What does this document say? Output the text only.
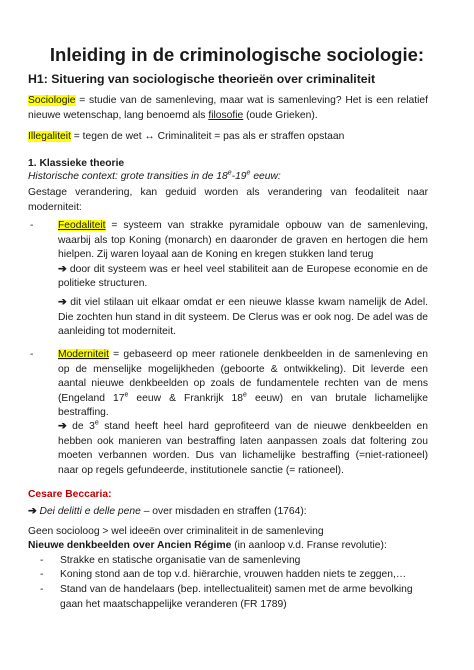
Inleiding in de criminologische sociologie:
H1: Situering van sociologische theorieën over criminaliteit
Sociologie = studie van de samenleving, maar wat is samenleving? Het is een relatief nieuwe wetenschap, lang benoemd als filosofie (oude Grieken).
Illegaliteit = tegen de wet ↔ Criminaliteit = pas als er straffen opstaan
1. Klassieke theorie
Historische context: grote transities in de 18e-19e eeuw:
Gestage verandering, kan geduid worden als verandering van feodaliteit naar moderniteit:
- Feodaliteit = systeem van strakke pyramidale opbouw van de samenleving, waarbij als top Koning (monarch) en daaronder de graven en hertogen die hem hielpen. Zij waren loyaal aan de Koning en kregen stukken land terug
➔ door dit systeem was er heel veel stabiliteit aan de Europese economie en de politieke structuren.
➔ dit viel stilaan uit elkaar omdat er een nieuwe klasse kwam namelijk de Adel. Die zochten hun stand in dit systeem. De Clerus was er ook nog. De adel was de aanleiding tot moderniteit.
- Moderniteit = gebaseerd op meer rationele denkbeelden in de samenleving en op de menselijke mogelijkheden (geboorte & ontwikkeling). Dit leverde een aantal nieuwe denkbeelden op zoals de fundamentele rechten van de mens (Engeland 17e eeuw & Frankrijk 18e eeuw) en van brutale lichamelijke bestraffing.
➔ de 3e stand heeft heel hard geprofiteerd van de nieuwe denkbeelden en hebben ook manieren van bestraffing laten aanpassen zoals dat foltering zou moeten verbannen worden. Dus van lichamelijke bestraffing (=niet-rationeel) naar op regels gefundeerde, institutionele sanctie (= rationeel).
Cesare Beccaria:
➔ Dei delitti e delle pene – over misdaden en straffen (1764):
Geen socioloog > wel ideeën over criminaliteit in de samenleving
Nieuwe denkbeelden over Ancien Régime (in aanloop v.d. Franse revolutie):
-	Strakke en statische organisatie van de samenleving
-	Koning stond aan de top v.d. hiërarchie, vrouwen hadden niets te zeggen,…
-	Stand van de handelaars (bep. intellectualiteit) samen met de arme bevolking gaan het maatschappelijke veranderen (FR 1789)
